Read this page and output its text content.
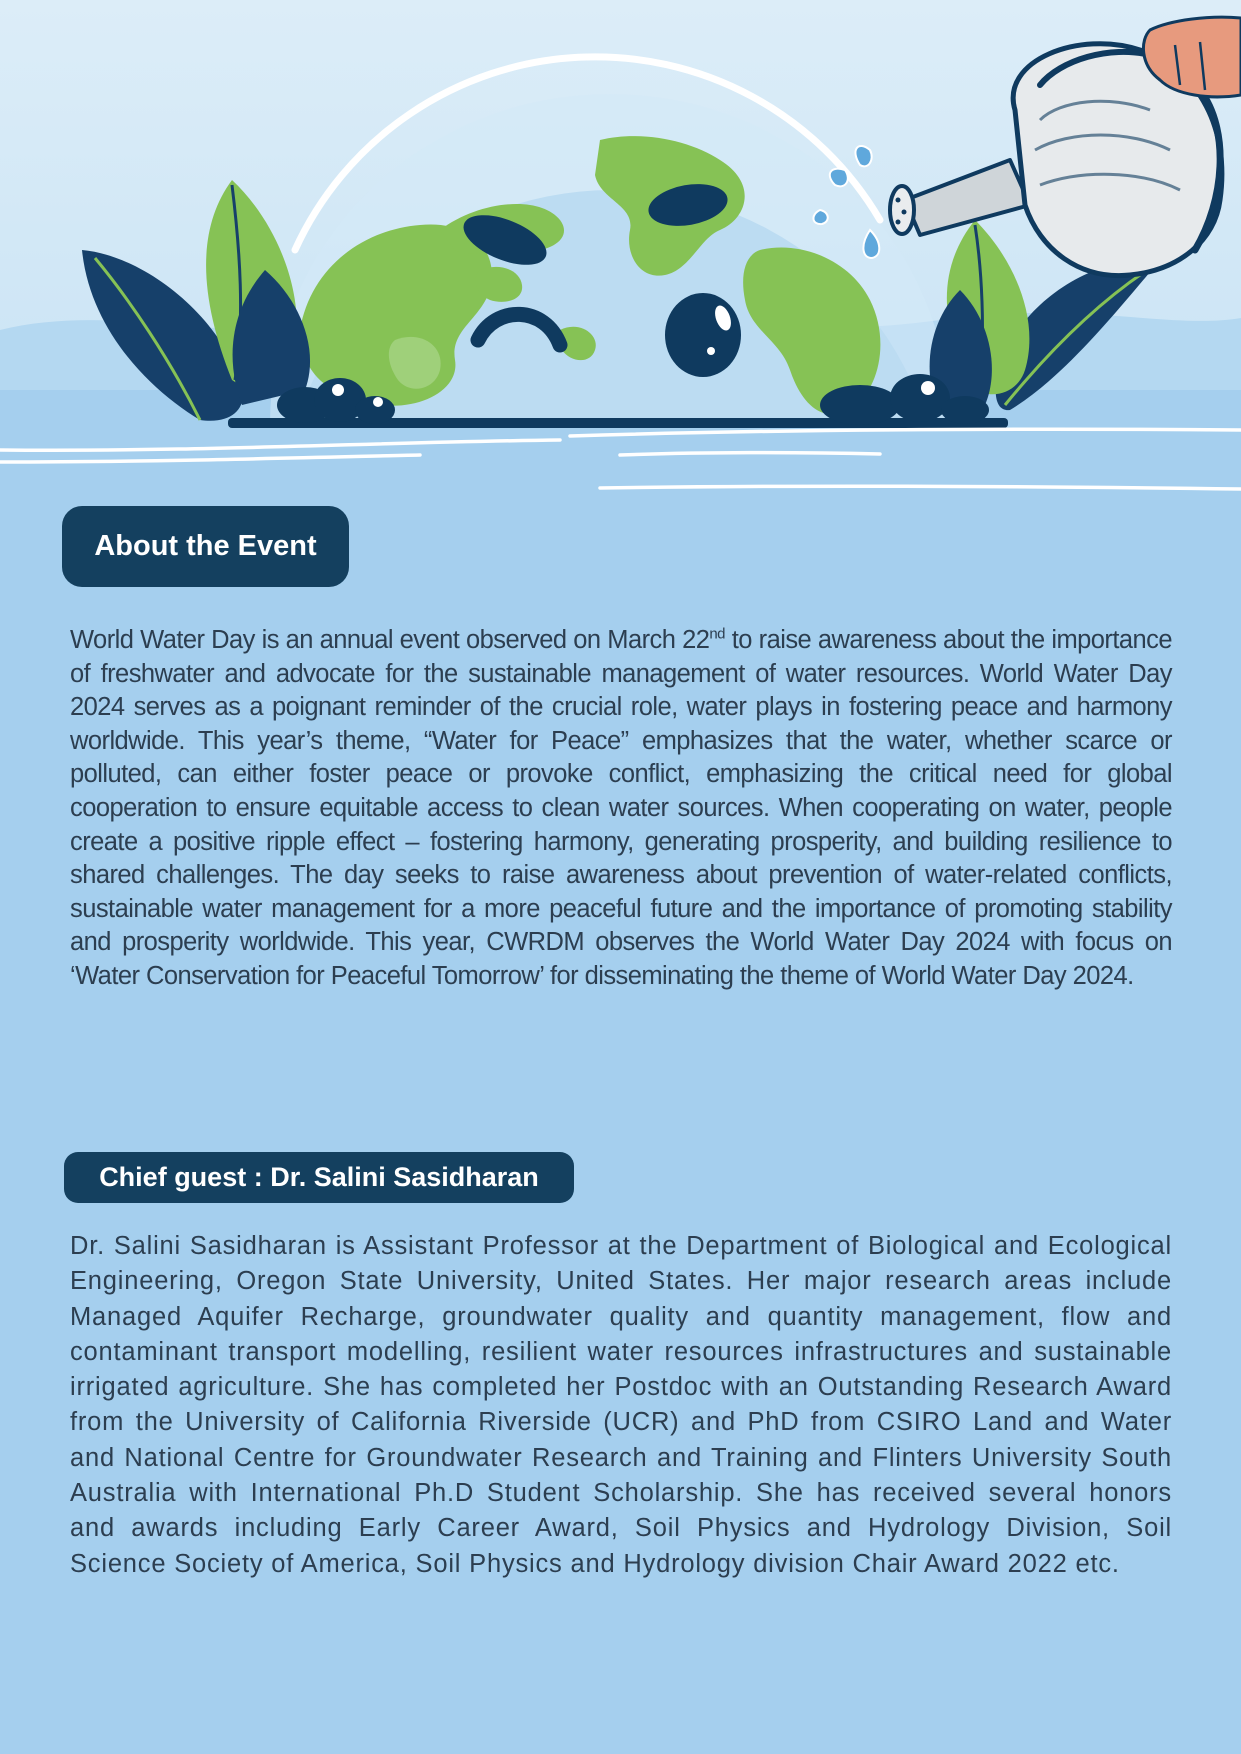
About the Event

World Water Day is an annual event observed on March 22nd to raise awareness about the importance of freshwater and advocate for the sustainable management of water resources. World Water Day 2024 serves as a poignant reminder of the crucial role, water plays in fostering peace and harmony worldwide. This year’s theme, “Water for Peace” emphasizes that the water, whether scarce or polluted, can either foster peace or provoke conflict, emphasizing the critical need for global cooperation to ensure equitable access to clean water sources. When cooperating on water, people create a positive ripple effect – fostering harmony, generating prosperity, and building resilience to shared challenges. The day seeks to raise awareness about prevention of water-related conflicts, sustainable water management for a more peaceful future and the importance of promoting stability and prosperity worldwide. This year, CWRDM observes the World Water Day 2024 with focus on ‘Water Conservation for Peaceful Tomorrow’ for disseminating the theme of World Water Day 2024.

Chief guest : Dr. Salini Sasidharan

Dr. Salini Sasidharan is Assistant Professor at the Department of Biological and Ecological Engineering, Oregon State University, United States. Her major research areas include Managed Aquifer Recharge, groundwater quality and quantity management, flow and contaminant transport modelling, resilient water resources infrastructures and sustainable irrigated agriculture. She has completed her Postdoc with an Outstanding Research Award from the University of California Riverside (UCR) and PhD from CSIRO Land and Water and National Centre for Groundwater Research and Training and Flinters University South Australia with International Ph.D Student Scholarship. She has received several honors and awards including Early Career Award, Soil Physics and Hydrology Division, Soil Science Society of America, Soil Physics and Hydrology division Chair Award 2022 etc.
